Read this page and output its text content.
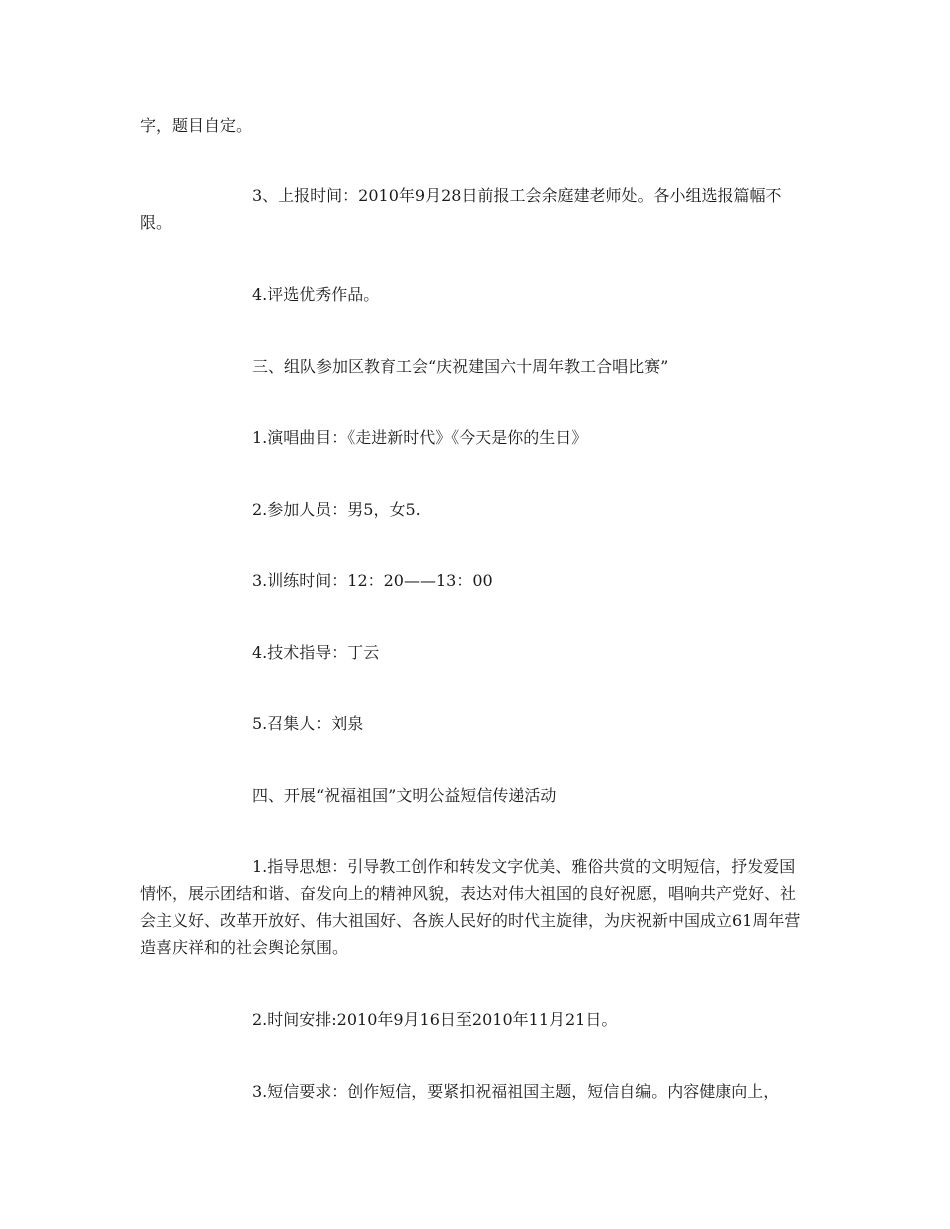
字，题目自定。

3、上报时间：2010年9月28日前报工会余庭建老师处。各小组选报篇幅不限。

4.评选优秀作品。

三、组队参加区教育工会“庆祝建国六十周年教工合唱比赛”

1.演唱曲目：《走进新时代》《今天是你的生日》

2.参加人员：男5，女5.

3.训练时间：12：20——13：00

4.技术指导：丁云

5.召集人：刘泉

四、开展“祝福祖国”文明公益短信传递活动

1.指导思想：引导教工创作和转发文字优美、雅俗共赏的文明短信，抒发爱国情怀，展示团结和谐、奋发向上的精神风貌，表达对伟大祖国的良好祝愿，唱响共产党好、社会主义好、改革开放好、伟大祖国好、各族人民好的时代主旋律，为庆祝新中国成立61周年营造喜庆祥和的社会舆论氛围。

2.时间安排:2010年9月16日至2010年11月21日。

3.短信要求：创作短信，要紧扣祝福祖国主题，短信自编。内容健康向上，
